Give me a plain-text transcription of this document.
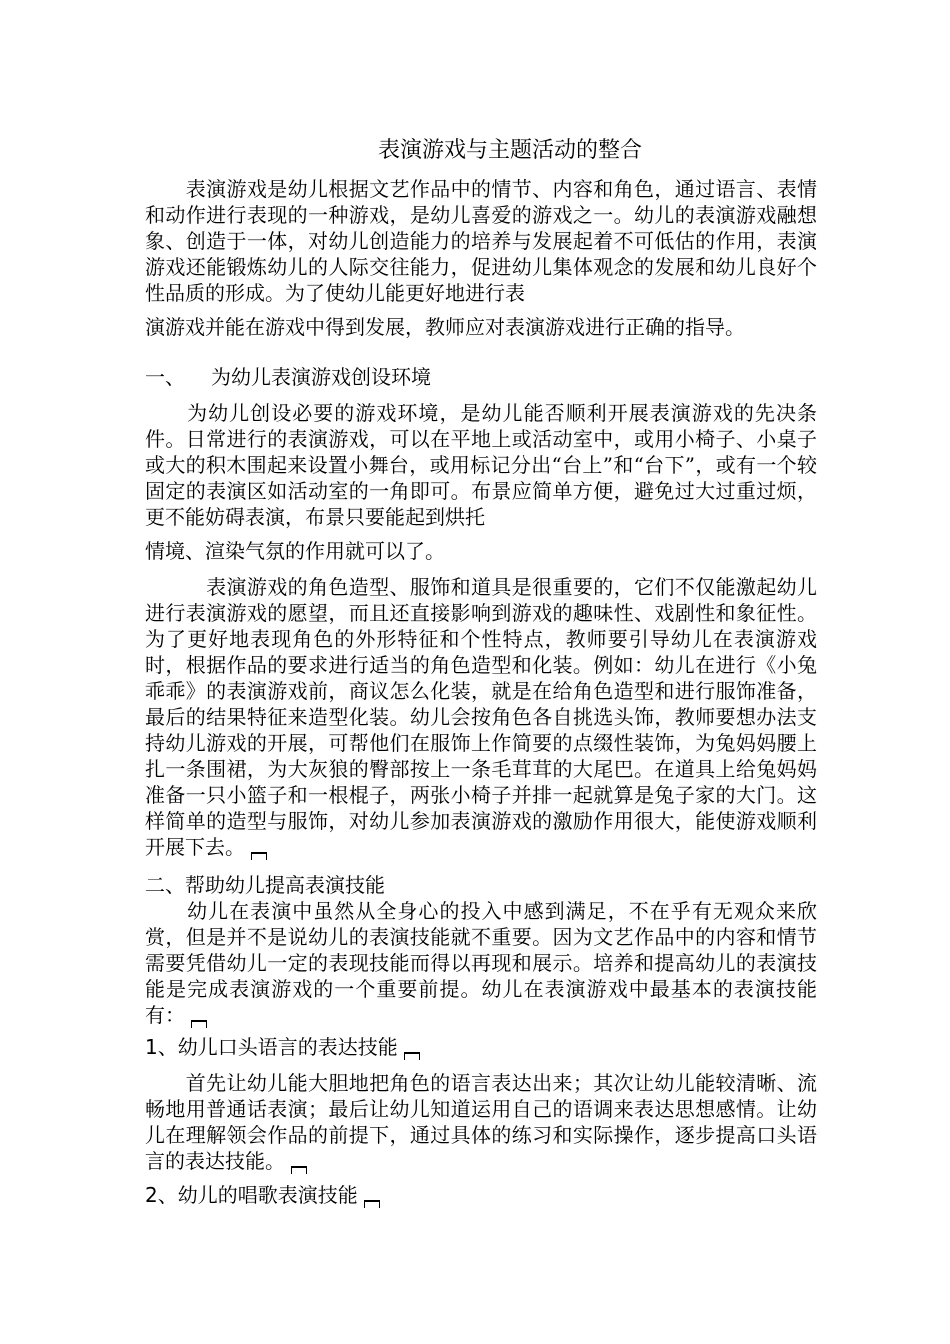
表演游戏与主题活动的整合

　　表演游戏是幼儿根据文艺作品中的情节、内容和角色，通过语言、表情和动作进行表现的一种游戏，是幼儿喜爱的游戏之一。幼儿的表演游戏融想象、创造于一体，对幼儿创造能力的培养与发展起着不可低估的作用，表演游戏还能锻炼幼儿的人际交往能力，促进幼儿集体观念的发展和幼儿良好个性品质的形成。为了使幼儿能更好地进行表

演游戏并能在游戏中得到发展，教师应对表演游戏进行正确的指导。

一、 为幼儿表演游戏创设环境

　　为幼儿创设必要的游戏环境，是幼儿能否顺利开展表演游戏的先决条件。日常进行的表演游戏，可以在平地上或活动室中，或用小椅子、小桌子或大的积木围起来设置小舞台，或用标记分出“台上”和“台下”，或有一个较固定的表演区如活动室的一角即可。布景应简单方便，避免过大过重过烦，更不能妨碍表演，布景只要能起到烘托

情境、渲染气氛的作用就可以了。

　　　表演游戏的角色造型、服饰和道具是很重要的，它们不仅能激起幼儿进行表演游戏的愿望，而且还直接影响到游戏的趣味性、戏剧性和象征性。为了更好地表现角色的外形特征和个性特点，教师要引导幼儿在表演游戏时，根据作品的要求进行适当的角色造型和化装。例如：幼儿在进行《小兔乖乖》的表演游戏前，商议怎么化装，就是在给角色造型和进行服饰准备，最后的结果特征来造型化装。幼儿会按角色各自挑选头饰，教师要想办法支持幼儿游戏的开展，可帮他们在服饰上作简要的点缀性装饰，为兔妈妈腰上扎一条围裙，为大灰狼的臀部按上一条毛茸茸的大尾巴。在道具上给兔妈妈准备一只小篮子和一根棍子，两张小椅子并排一起就算是兔子家的大门。这样简单的造型与服饰，对幼儿参加表演游戏的激励作用很大，能使游戏顺利开展下去。

二、帮助幼儿提高表演技能

　　幼儿在表演中虽然从全身心的投入中感到满足，不在乎有无观众来欣赏，但是并不是说幼儿的表演技能就不重要。因为文艺作品中的内容和情节需要凭借幼儿一定的表现技能而得以再现和展示。培养和提高幼儿的表演技能是完成表演游戏的一个重要前提。幼儿在表演游戏中最基本的表演技能有：

1、幼儿口头语言的表达技能

　　首先让幼儿能大胆地把角色的语言表达出来；其次让幼儿能较清晰、流畅地用普通话表演；最后让幼儿知道运用自己的语调来表达思想感情。让幼儿在理解领会作品的前提下，通过具体的练习和实际操作，逐步提高口头语言的表达技能。

2、幼儿的唱歌表演技能
